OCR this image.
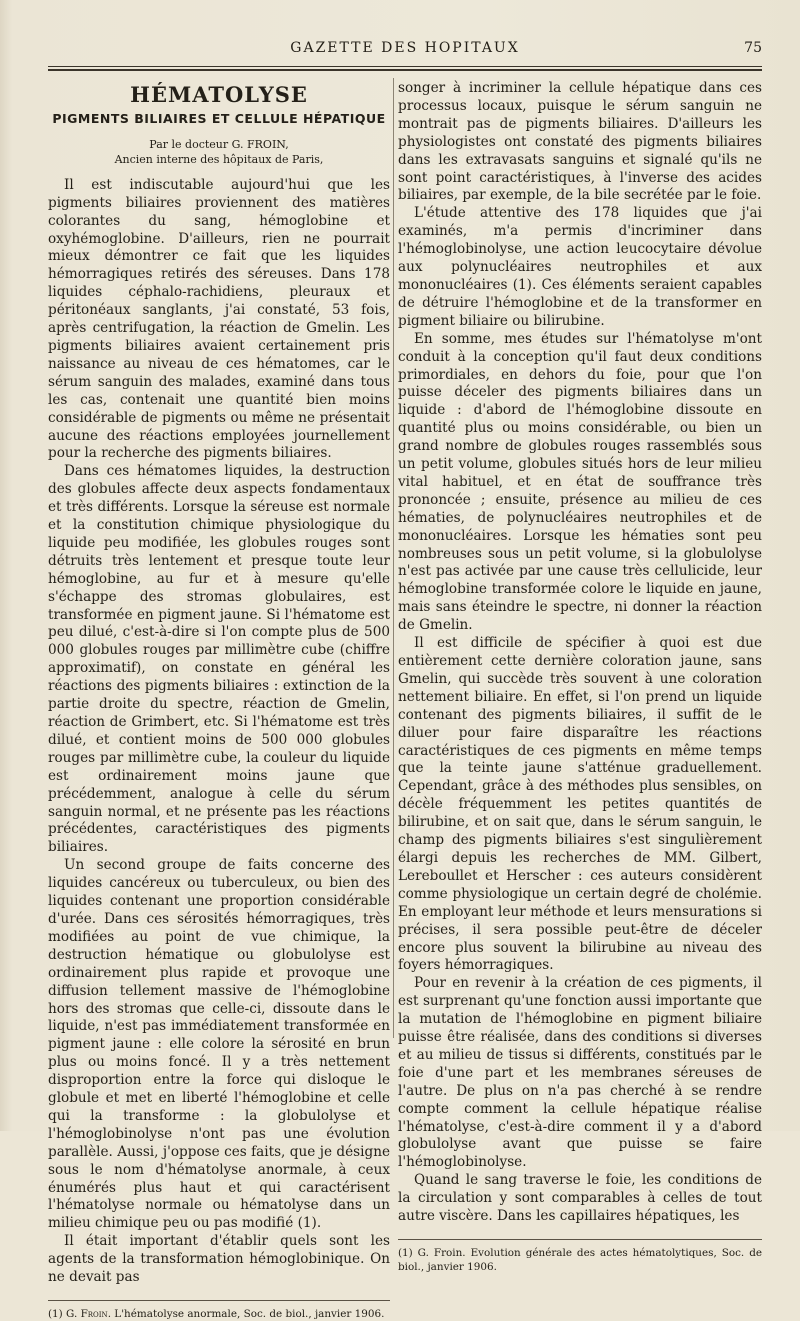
GAZETTE DES HOPITAUX	75
HÉMATOLYSE
PIGMENTS BILIAIRES ET CELLULE HÉPATIQUE

Par le docteur G. FROIN,

Ancien interne des hôpitaux de Paris,

Il est indiscutable aujourd'hui que les pigments biliaires proviennent des matières colorantes du sang, hémoglobine et oxyhémoglobine. D'ailleurs, rien ne pourrait mieux démontrer ce fait que les liquides hémorragiques retirés des séreuses. Dans 178 liquides céphalo-rachidiens, pleuraux et péritonéaux sanglants, j'ai constaté, 53 fois, après centrifugation, la réaction de Gmelin. Les pigments biliaires avaient certainement pris naissance au niveau de ces hématomes, car le sérum sanguin des malades, examiné dans tous les cas, contenait une quantité bien moins considérable de pigments ou même ne présentait aucune des réactions employées journellement pour la recherche des pigments biliaires.

Dans ces hématomes liquides, la destruction des globules affecte deux aspects fondamentaux et très différents. Lorsque la séreuse est normale et la constitution chimique physiologique du liquide peu modifiée, les globules rouges sont détruits très lentement et presque toute leur hémoglobine, au fur et à mesure qu'elle s'échappe des stromas globulaires, est transformée en pigment jaune. Si l'hématome est peu dilué, c'est-à-dire si l'on compte plus de 500 000 globules rouges par millimètre cube (chiffre approximatif), on constate en général les réactions des pigments biliaires : extinction de la partie droite du spectre, réaction de Gmelin, réaction de Grimbert, etc. Si l'hématome est très dilué, et contient moins de 500 000 globules rouges par millimètre cube, la couleur du liquide est ordinairement moins jaune que précédemment, analogue à celle du sérum sanguin normal, et ne présente pas les réactions précédentes, caractéristiques des pigments biliaires.

Un second groupe de faits concerne des liquides cancéreux ou tuberculeux, ou bien des liquides contenant une proportion considérable d'urée. Dans ces sérosités hémorragiques, très modifiées au point de vue chimique, la destruction hématique ou globulolyse est ordinairement plus rapide et provoque une diffusion tellement massive de l'hémoglobine hors des stromas que celle-ci, dissoute dans le liquide, n'est pas immédiatement transformée en pigment jaune : elle colore la sérosité en brun plus ou moins foncé. Il y a très nettement disproportion entre la force qui disloque le globule et met en liberté l'hémoglobine et celle qui la transforme : la globulolyse et l'hémoglobinolyse n'ont pas une évolution parallèle. Aussi, j'oppose ces faits, que je désigne sous le nom d'hématolyse anormale, à ceux énumérés plus haut et qui caractérisent l'hématolyse normale ou hématolyse dans un milieu chimique peu ou pas modifié (1).

Il était important d'établir quels sont les agents de la transformation hémoglobinique. On ne devait pas

(1) G. Froin. L'hématolyse anormale, Soc. de biol., janvier 1906.

songer à incriminer la cellule hépatique dans ces processus locaux, puisque le sérum sanguin ne montrait pas de pigments biliaires. D'ailleurs les physiologistes ont constaté des pigments biliaires dans les extravasats sanguins et signalé qu'ils ne sont point caractéristiques, à l'inverse des acides biliaires, par exemple, de la bile secrétée par le foie.

L'étude attentive des 178 liquides que j'ai examinés, m'a permis d'incriminer dans l'hémoglobinolyse, une action leucocytaire dévolue aux polynucléaires neutrophiles et aux mononucléaires (1). Ces éléments seraient capables de détruire l'hémoglobine et de la transformer en pigment biliaire ou bilirubine.

En somme, mes études sur l'hématolyse m'ont conduit à la conception qu'il faut deux conditions primordiales, en dehors du foie, pour que l'on puisse déceler des pigments biliaires dans un liquide : d'abord de l'hémoglobine dissoute en quantité plus ou moins considérable, ou bien un grand nombre de globules rouges rassemblés sous un petit volume, globules situés hors de leur milieu vital habituel, et en état de souffrance très prononcée ; ensuite, présence au milieu de ces hématies, de polynucléaires neutrophiles et de mononucléaires. Lorsque les hématies sont peu nombreuses sous un petit volume, si la globulolyse n'est pas activée par une cause très cellulicide, leur hémoglobine transformée colore le liquide en jaune, mais sans éteindre le spectre, ni donner la réaction de Gmelin.

Il est difficile de spécifier à quoi est due entièrement cette dernière coloration jaune, sans Gmelin, qui succède très souvent à une coloration nettement biliaire. En effet, si l'on prend un liquide contenant des pigments biliaires, il suffit de le diluer pour faire disparaître les réactions caractéristiques de ces pigments en même temps que la teinte jaune s'atténue graduellement. Cependant, grâce à des méthodes plus sensibles, on décèle fréquemment les petites quantités de bilirubine, et on sait que, dans le sérum sanguin, le champ des pigments biliaires s'est singulièrement élargi depuis les recherches de MM. Gilbert, Lereboullet et Herscher : ces auteurs considèrent comme physiologique un certain degré de cholémie. En employant leur méthode et leurs mensurations si précises, il sera possible peut-être de déceler encore plus souvent la bilirubine au niveau des foyers hémorragiques.

Pour en revenir à la création de ces pigments, il est surprenant qu'une fonction aussi importante que la mutation de l'hémoglobine en pigment biliaire puisse être réalisée, dans des conditions si diverses et au milieu de tissus si différents, constitués par le foie d'une part et les membranes séreuses de l'autre. De plus on n'a pas cherché à se rendre compte comment la cellule hépatique réalise l'hématolyse, c'est-à-dire comment il y a d'abord globulolyse avant que puisse se faire l'hémoglobinolyse.

Quand le sang traverse le foie, les conditions de la circulation y sont comparables à celles de tout autre viscère. Dans les capillaires hépatiques, les

(1) G. Froin. Evolution générale des actes hématolytiques, Soc. de biol., janvier 1906.
